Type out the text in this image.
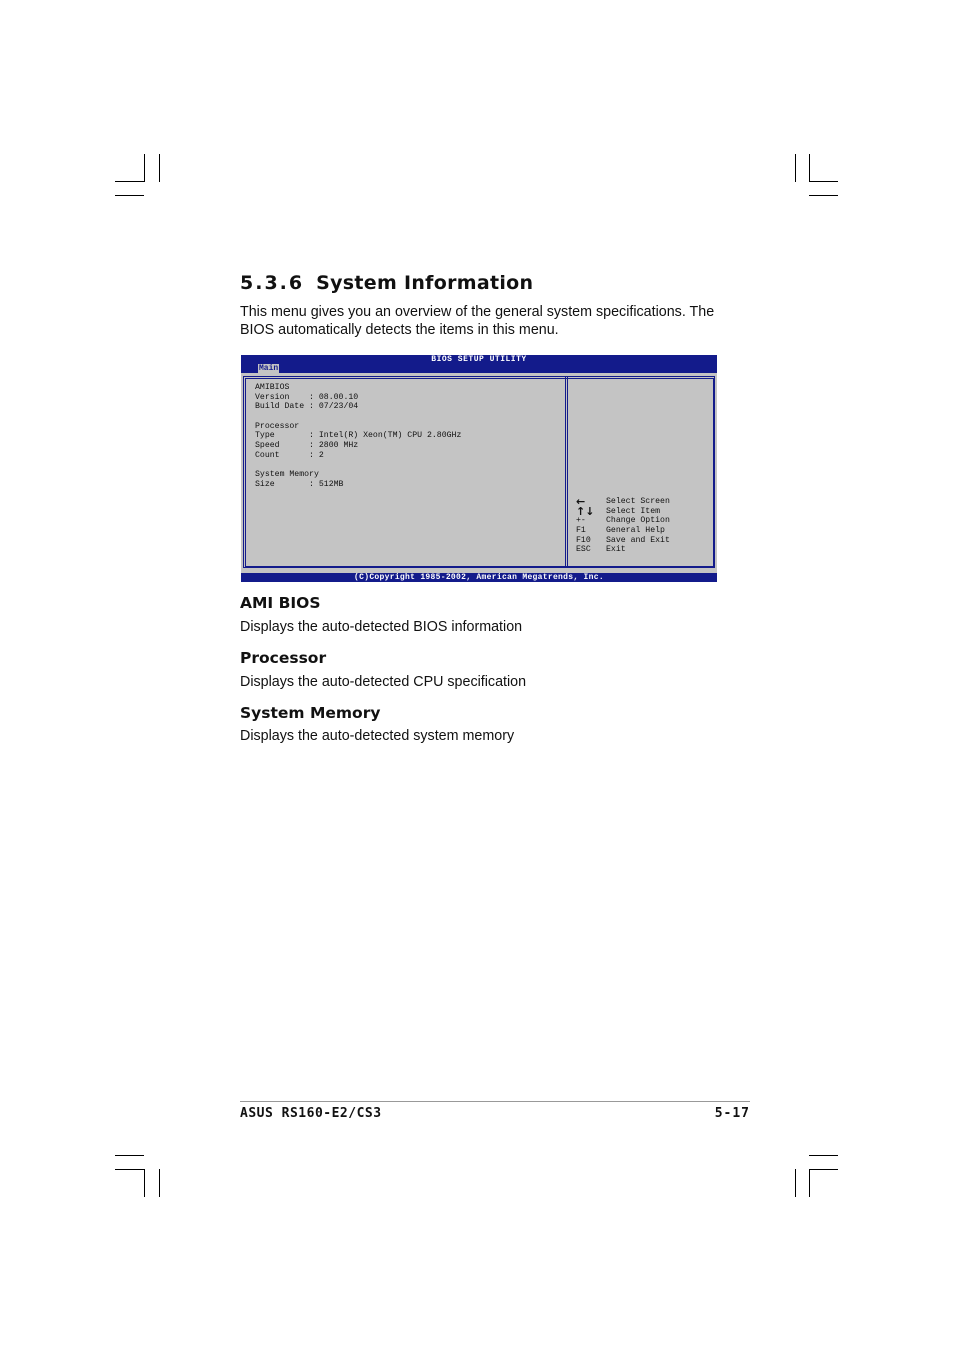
5.3.6 System Information

This menu gives you an overview of the general system specifications. The BIOS automatically detects the items in this menu.

BIOS SETUP UTILITY
Main
AMIBIOS
Version    : 08.00.10
Build Date : 07/23/04
Processor
Type       : Intel(R) Xeon(TM) CPU 2.80GHz
Speed      : 2800 MHz
Count      : 2
System Memory
Size       : 512MB
←	Select Screen
↑↓	Select Item
+-	Change Option
F1	General Help
F10	Save and Exit
ESC	Exit
(C)Copyright 1985-2002, American Megatrends, Inc.
AMI BIOS

Displays the auto-detected BIOS information

Processor

Displays the auto-detected CPU specification

System Memory

Displays the auto-detected system memory

ASUS RS160-E2/CS3	5-17
